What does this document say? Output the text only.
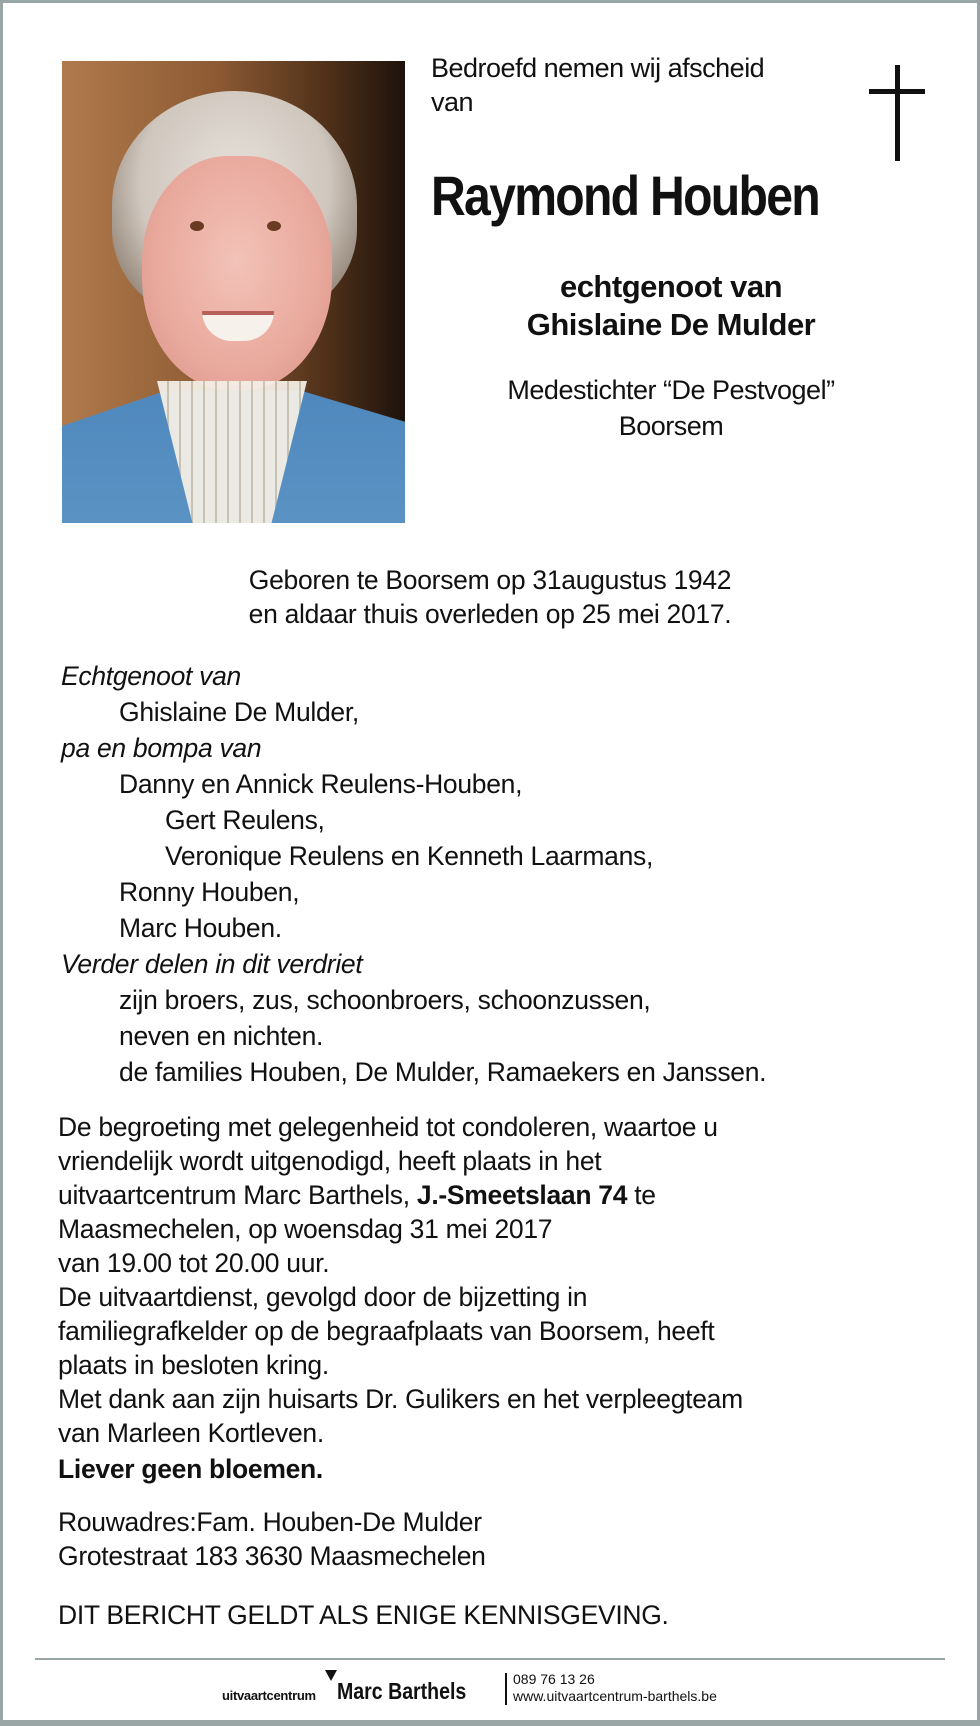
Bedroefd nemen wij afscheid
van
Raymond Houben
echtgenoot van
Ghislaine De Mulder
Medestichter “De Pestvogel”
Boorsem
Geboren te Boorsem op 31augustus 1942
en aldaar thuis overleden op 25 mei 2017.
Echtgenoot van
Ghislaine De Mulder,
pa en bompa van
Danny en Annick Reulens-Houben,
Gert Reulens,
Veronique Reulens en Kenneth Laarmans,
Ronny Houben,
Marc Houben.
Verder delen in dit verdriet
zijn broers, zus, schoonbroers, schoonzussen,
neven en nichten.
de families Houben, De Mulder, Ramaekers en Janssen.
De begroeting met gelegenheid tot condoleren, waartoe u
vriendelijk wordt uitgenodigd, heeft plaats in het
uitvaartcentrum Marc Barthels, J.-Smeetslaan 74 te
Maasmechelen, op woensdag 31 mei 2017
van 19.00 tot 20.00 uur.
De uitvaartdienst, gevolgd door de bijzetting in
familiegrafkelder op de begraafplaats van Boorsem, heeft
plaats in besloten kring.
Met dank aan zijn huisarts Dr. Gulikers en het verpleegteam
van Marleen Kortleven.
Liever geen bloemen.
Rouwadres:Fam. Houben-De Mulder
Grotestraat 183 3630 Maasmechelen
DIT BERICHT GELDT ALS ENIGE KENNISGEVING.
uitvaartcentrum Marc Barthels	089 76 13 26
www.uitvaartcentrum-barthels.be
